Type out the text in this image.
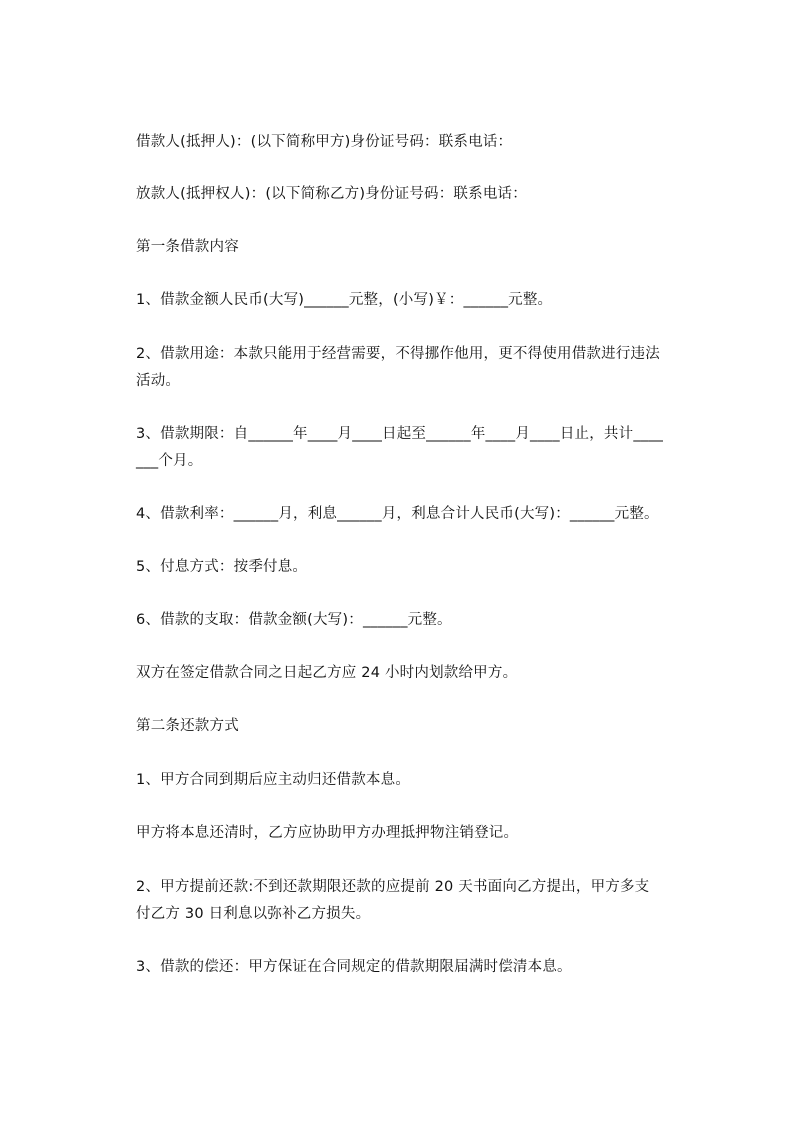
借款人(抵押人)：(以下简称甲方)身份证号码：联系电话：
放款人(抵押权人)：(以下简称乙方)身份证号码：联系电话：
第一条借款内容
1、借款金额人民币(大写)______元整，(小写)￥：______元整。
2、借款用途：本款只能用于经营需要，不得挪作他用，更不得使用借款进行违法
活动。
3、借款期限：自______年____月____日起至______年____月____日止，共计____
___个月。
4、借款利率：______月，利息______月，利息合计人民币(大写)：______元整。
5、付息方式：按季付息。
6、借款的支取：借款金额(大写)：______元整。
双方在签定借款合同之日起乙方应 24 小时内划款给甲方。
第二条还款方式
1、甲方合同到期后应主动归还借款本息。
甲方将本息还清时，乙方应协助甲方办理抵押物注销登记。
2、甲方提前还款:不到还款期限还款的应提前 20 天书面向乙方提出，甲方多支
付乙方 30 日利息以弥补乙方损失。
3、借款的偿还：甲方保证在合同规定的借款期限届满时偿清本息。
